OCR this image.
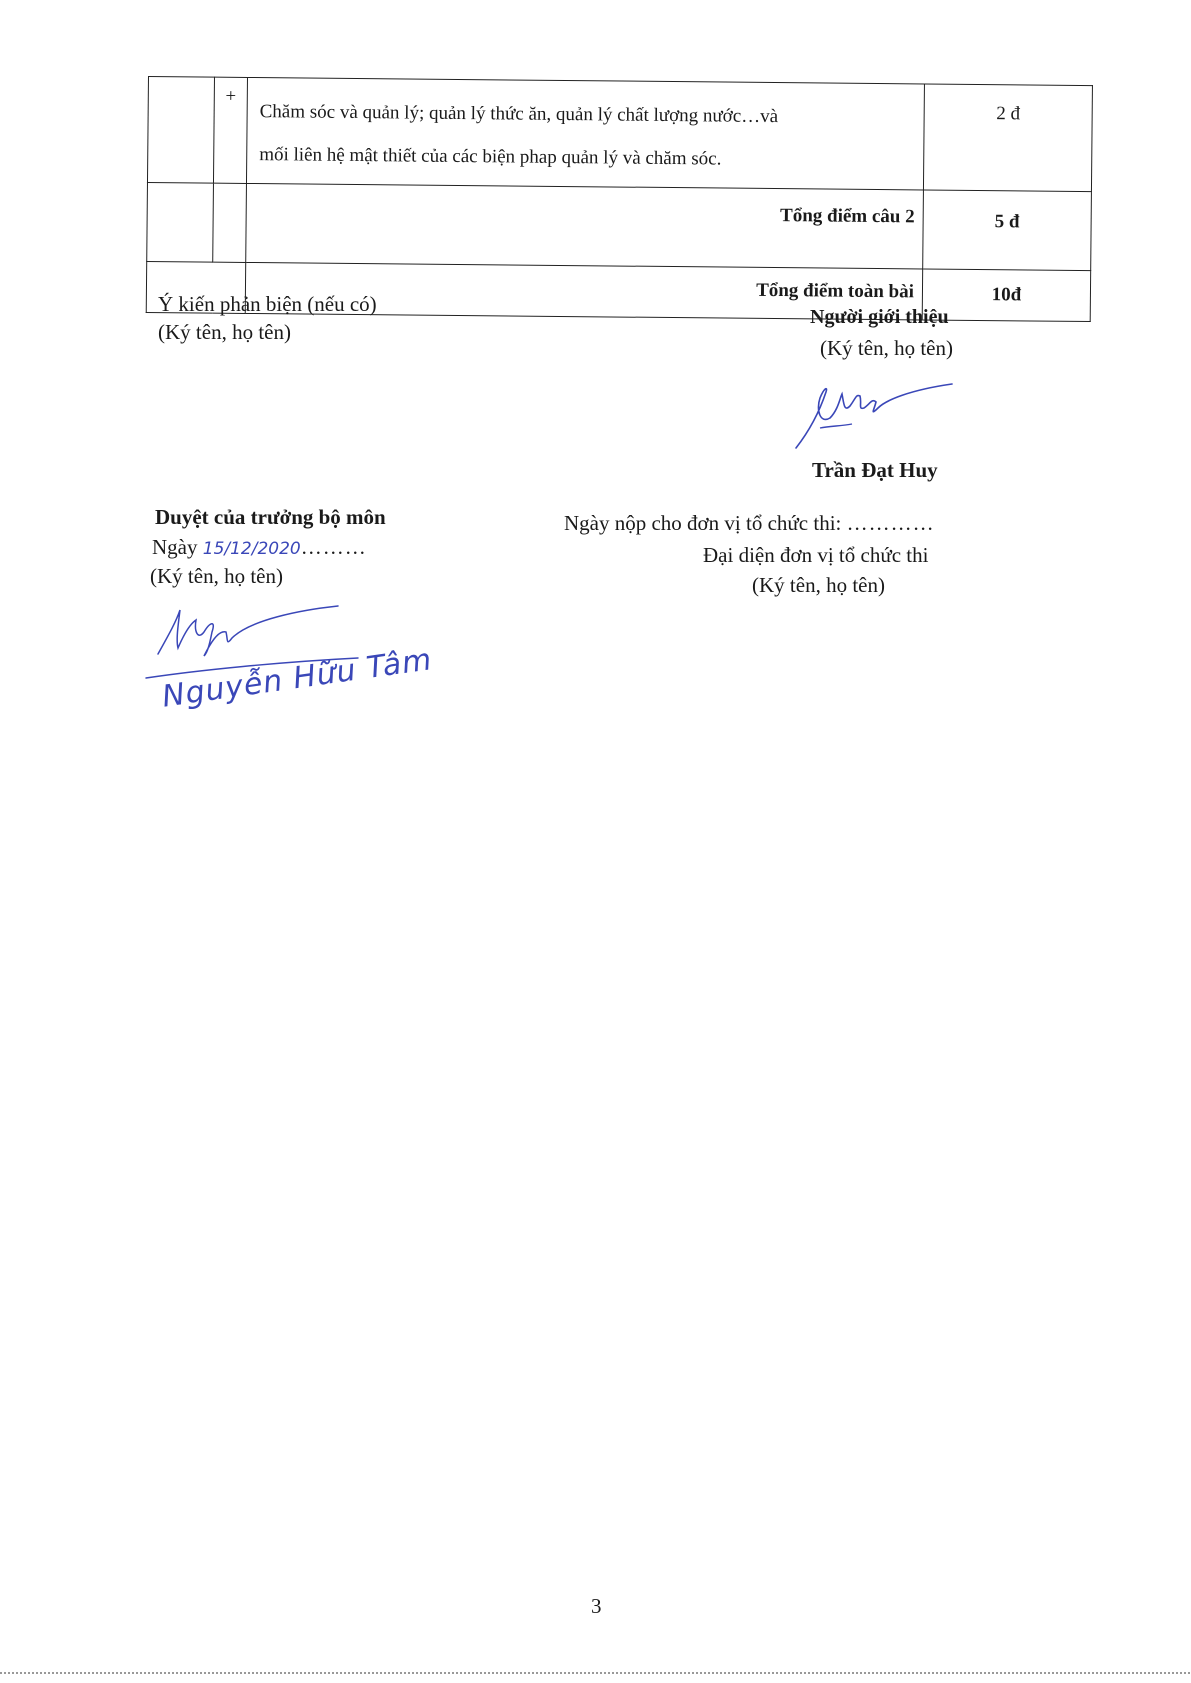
	+	Chăm sóc và quản lý; quản lý thức ăn, quản lý chất lượng nước…và
mối liên hệ mật thiết của các biện phap quản lý và chăm sóc.	2 đ
		Tổng điểm câu 2	5 đ
		Tổng điểm toàn bài	10đ
Ý kiến phản biện (nếu có)
(Ký tên, họ tên)
Người giới thiệu
(Ký tên, họ tên)
Trần Đạt Huy
Duyệt của trưởng bộ môn
Ngày 15/12/2020………
(Ký tên, họ tên)
Nguyễn Hữu Tâm
Ngày nộp cho đơn vị tổ chức thi: …………
Đại diện đơn vị tổ chức thi
(Ký tên, họ tên)
3
